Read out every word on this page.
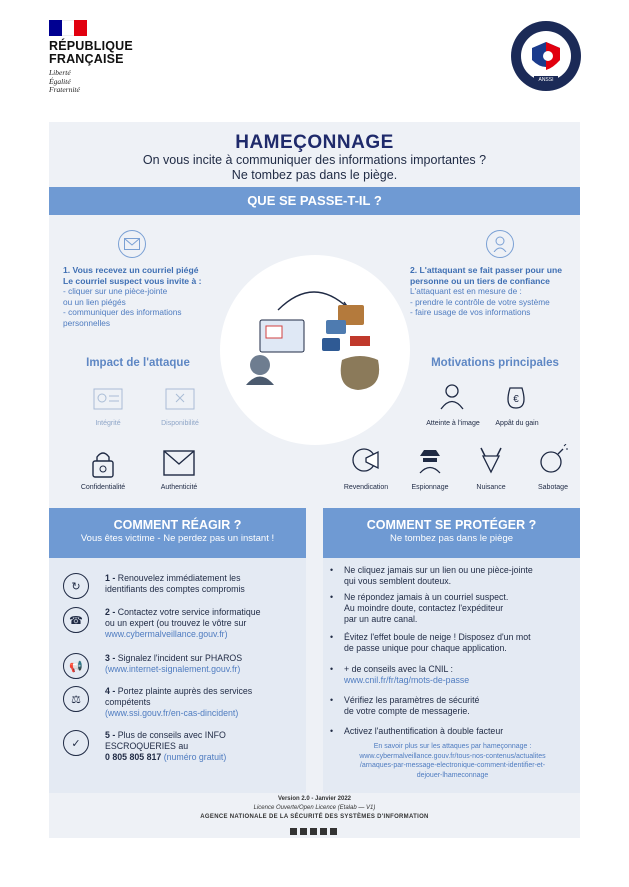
RÉPUBLIQUE
FRANÇAISE
Liberté
Égalité
Fraternité
ANSSI
HAMEÇONNAGE
On vous incite à communiquer des informations importantes ?
Ne tombez pas dans le piège.
QUE SE PASSE-T-IL ?
1. Vous recevez un courriel piégé
Le courriel suspect vous invite à :
- cliquer sur une pièce-jointe
ou un lien piégés
- communiquer des informations
personnelles
2. L'attaquant se fait passer pour une
personne ou un tiers de confiance
L'attaquant est en mesure de :
- prendre le contrôle de votre système
- faire usage de vos informations
Impact de l'attaque
Intégrité	Disponibilité
Confidentialité	Authenticité
Motivations principales
€
Atteinte à l'image	Appât du gain
Revendication	Espionnage	Nuisance	Sabotage
COMMENT RÉAGIR ?
Vous êtes victime - Ne perdez pas un instant !
↻
1 - Renouvelez immédiatement les
identifiants des comptes compromis
☎
2 - Contactez votre service informatique
ou un expert (ou trouvez le vôtre sur
www.cybermalveillance.gouv.fr)
📢
3 - Signalez l'incident sur PHAROS
(www.internet-signalement.gouv.fr)
⚖
4 - Portez plainte auprès des services
compétents
(www.ssi.gouv.fr/en-cas-dincident)
✓
5 - Plus de conseils avec INFO
ESCROQUERIES au
0 805 805 817 (numéro gratuit)
COMMENT SE PROTÉGER ?
Ne tombez pas dans le piège
•	Ne cliquez jamais sur un lien ou une pièce-jointe
qui vous semblent douteux.
•	Ne répondez jamais à un courriel suspect.
Au moindre doute, contactez l'expéditeur
par un autre canal.
•	Évitez l'effet boule de neige ! Disposez d'un mot
de passe unique pour chaque application.
•	+ de conseils avec la CNIL :
www.cnil.fr/fr/tag/mots-de-passe
•	Vérifiez les paramètres de sécurité
de votre compte de messagerie.
•	Activez l'authentification à double facteur
En savoir plus sur les attaques par hameçonnage :
www.cybermalveillance.gouv.fr/tous-nos-contenus/actualites
/arnaques-par-message-electronique-comment-identifier-et-
dejouer-lhameconnage
Version 2.0 - Janvier 2022
Licence Ouverte/Open Licence (Etalab — V1)
AGENCE NATIONALE DE LA SÉCURITÉ DES SYSTÈMES D'INFORMATION
